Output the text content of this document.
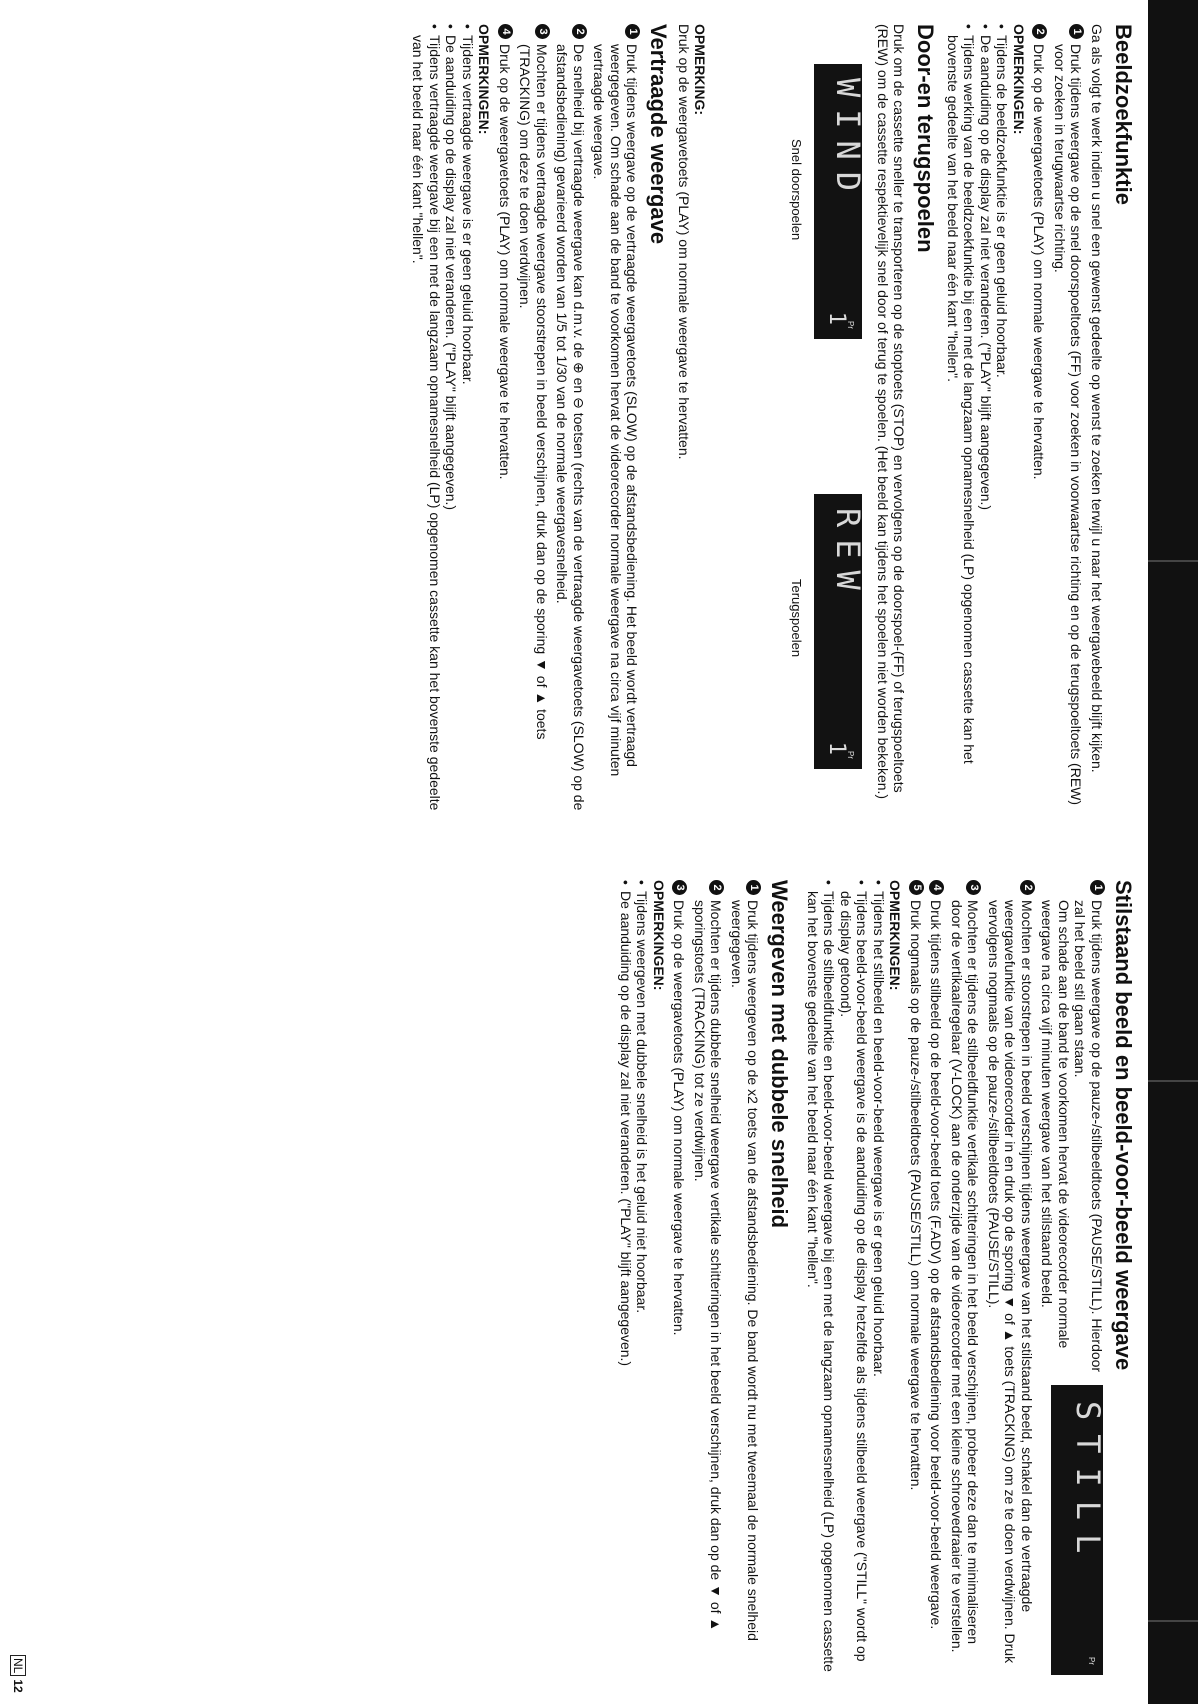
Beeldzoekfunktie

Ga als volgt te werk indien u snel een gewenst gedeelte op wenst te zoeken terwijl u naar het weergavebeeld blijft kijken.

1
Druk tijdens weergave op de snel doorspoeltoets (FF) voor zoeken in voorwaartse richting en op de terugspoeltoets (REW) voor zoeken in terugwaartse richting.
2
Druk op de weergavetoets (PLAY) om normale weergave te hervatten.
OPMERKINGEN:
• Tijdens de beeldzoekfunktie is er geen geluid hoorbaar.
• De aanduiding op de display zal niet veranderen. ("PLAY" blijft aangegeven.)
• Tijdens werking van de beeldzoekfunktie bij een met de langzaam opnamesnelheid (LP) opgenomen cassette kan het bovenste gedeelte van het beeld naar één kant "hellen".
Door-en terugspoelen

Druk om de cassette sneller te transporteren op de stoptoets (STOP) en vervolgens op de doorspoel-(FF) of terugspoeltoets (REW) om de cassette respektievelijk snel door of terug te spoelen. (Het beeld kan tijdens het spoelen niet worden bekeken.)

WIND
Pr
1
Snel doorspoelen
REW
Pr
1
Terugspoelen
OPMERKING:

Druk op de weergavetoets (PLAY) om normale weergave te hervatten.

Vertraagde weergave
1
Druk tijdens weergave op de vertraagde weergavetoets (SLOW) op de afstandsbediening. Het beeld wordt vertraagd weergegeven. Om schade aan de band te voorkomen hervat de videorecorder normale weergave na circa vijf minuten vertraagde weergave.
2
De snelheid bij vertraagde weergave kan d.m.v. de ⊕ en ⊖ toetsen (rechts van de vertraagde weergavetoets (SLOW) op de afstandsbediening) gevarieerd worden van 1/5 tot 1/30 van de normale weergavesnelheid.
3
Mochten er tijdens vertraagde weergave stoorstrepen in beeld verschijnen, druk dan op de sporing ▼ of ▲ toets (TRACKING) om deze te doen verdwijnen.
4
Druk op de weergavetoets (PLAY) om normale weergave te hervatten.
OPMERKINGEN:
• Tijdens vertraagde weergave is er geen geluid hoorbaar.
• De aanduiding op de display zal niet veranderen. ("PLAY" blijft aangegeven.)
• Tijdens vertraagde weergave bij een met de langzaam opnamesnelheid (LP) opgenomen cassette kan het bovenste gedeelte van het beeld naar één kant "hellen".
Stilstaand beeld en beeld-voor-beeld weergave
STILL
Pr
1
Druk tijdens weergave op de pauze-/stilbeeldtoets (PAUSE/STILL). Hierdoor zal het beeld stil gaan staan.
Om schade aan de band te voorkomen hervat de videorecorder normale weergave na circa vijf minuten weergave van het stilstaand beeld.
2
Mochten er stoorstrepen in beeld verschijnen tijdens weergave van het stilstaand beeld, schakel dan de vertraagde weergavefunktie van de videorecorder in en druk op de sporing ▼ of ▲ toets (TRACKING) om ze te doen verdwijnen. Druk vervolgens nogmaals op de pauze-/stilbeeldtoets (PAUSE/STILL).
3
Mochten er tijdens de stilbeeldfunktie vertikale schitteringen in het beeld verschijnen, probeer deze dan te minimaliseren door de vertikaalregelaar (V-LOCK) aan de onderzijde van de videorecorder met een kleine schroevedraaier te verstellen.
4
Druk tijdens stilbeeld op de beeld-voor-beeld toets (F.ADV) op de afstandsbediening voor beeld-voor-beeld weergave.
5
Druk nogmaals op de pauze-/stilbeeldtoets (PAUSE/STILL) om normale weergave te hervatten.
OPMERKINGEN:
• Tijdens het stilbeeld en beeld-voor-beeld weergave is er geen geluid hoorbaar.
• Tijdens beeld-voor-beeld weergave is de aanduiding op de display hetzelfde als tijdens stilbeeld weergave ("STILL" wordt op de display getoond).
• Tijdens de stilbeeldfunktie en beeld-voor-beeld weergave bij een met de langzaam opnamesnelheid (LP) opgenomen cassette kan het bovenste gedeelte van het beeld naar één kant "hellen".
Weergeven met dubbele snelheid
1
Druk tijdens weergeven op de x2 toets van de afstandsbediening. De band wordt nu met tweemaal de normale snelheid weergegeven.
2
Mochten er tijdens dubbele snelheid weergave vertikale schitteringen in het beeld verschijnen, druk dan op de ▼ of ▲ sporingstoets (TRACKING) tot ze verdwijnen.
3
Druk op de weergavetoets (PLAY) om normale weergave te hervatten.
OPMERKINGEN:
• Tijdens weergeven met dubbele snelheid is het geluid niet hoorbaar.
• De aanduiding op de display zal niet veranderen. ("PLAY" blijft aangegeven.)
NL12
